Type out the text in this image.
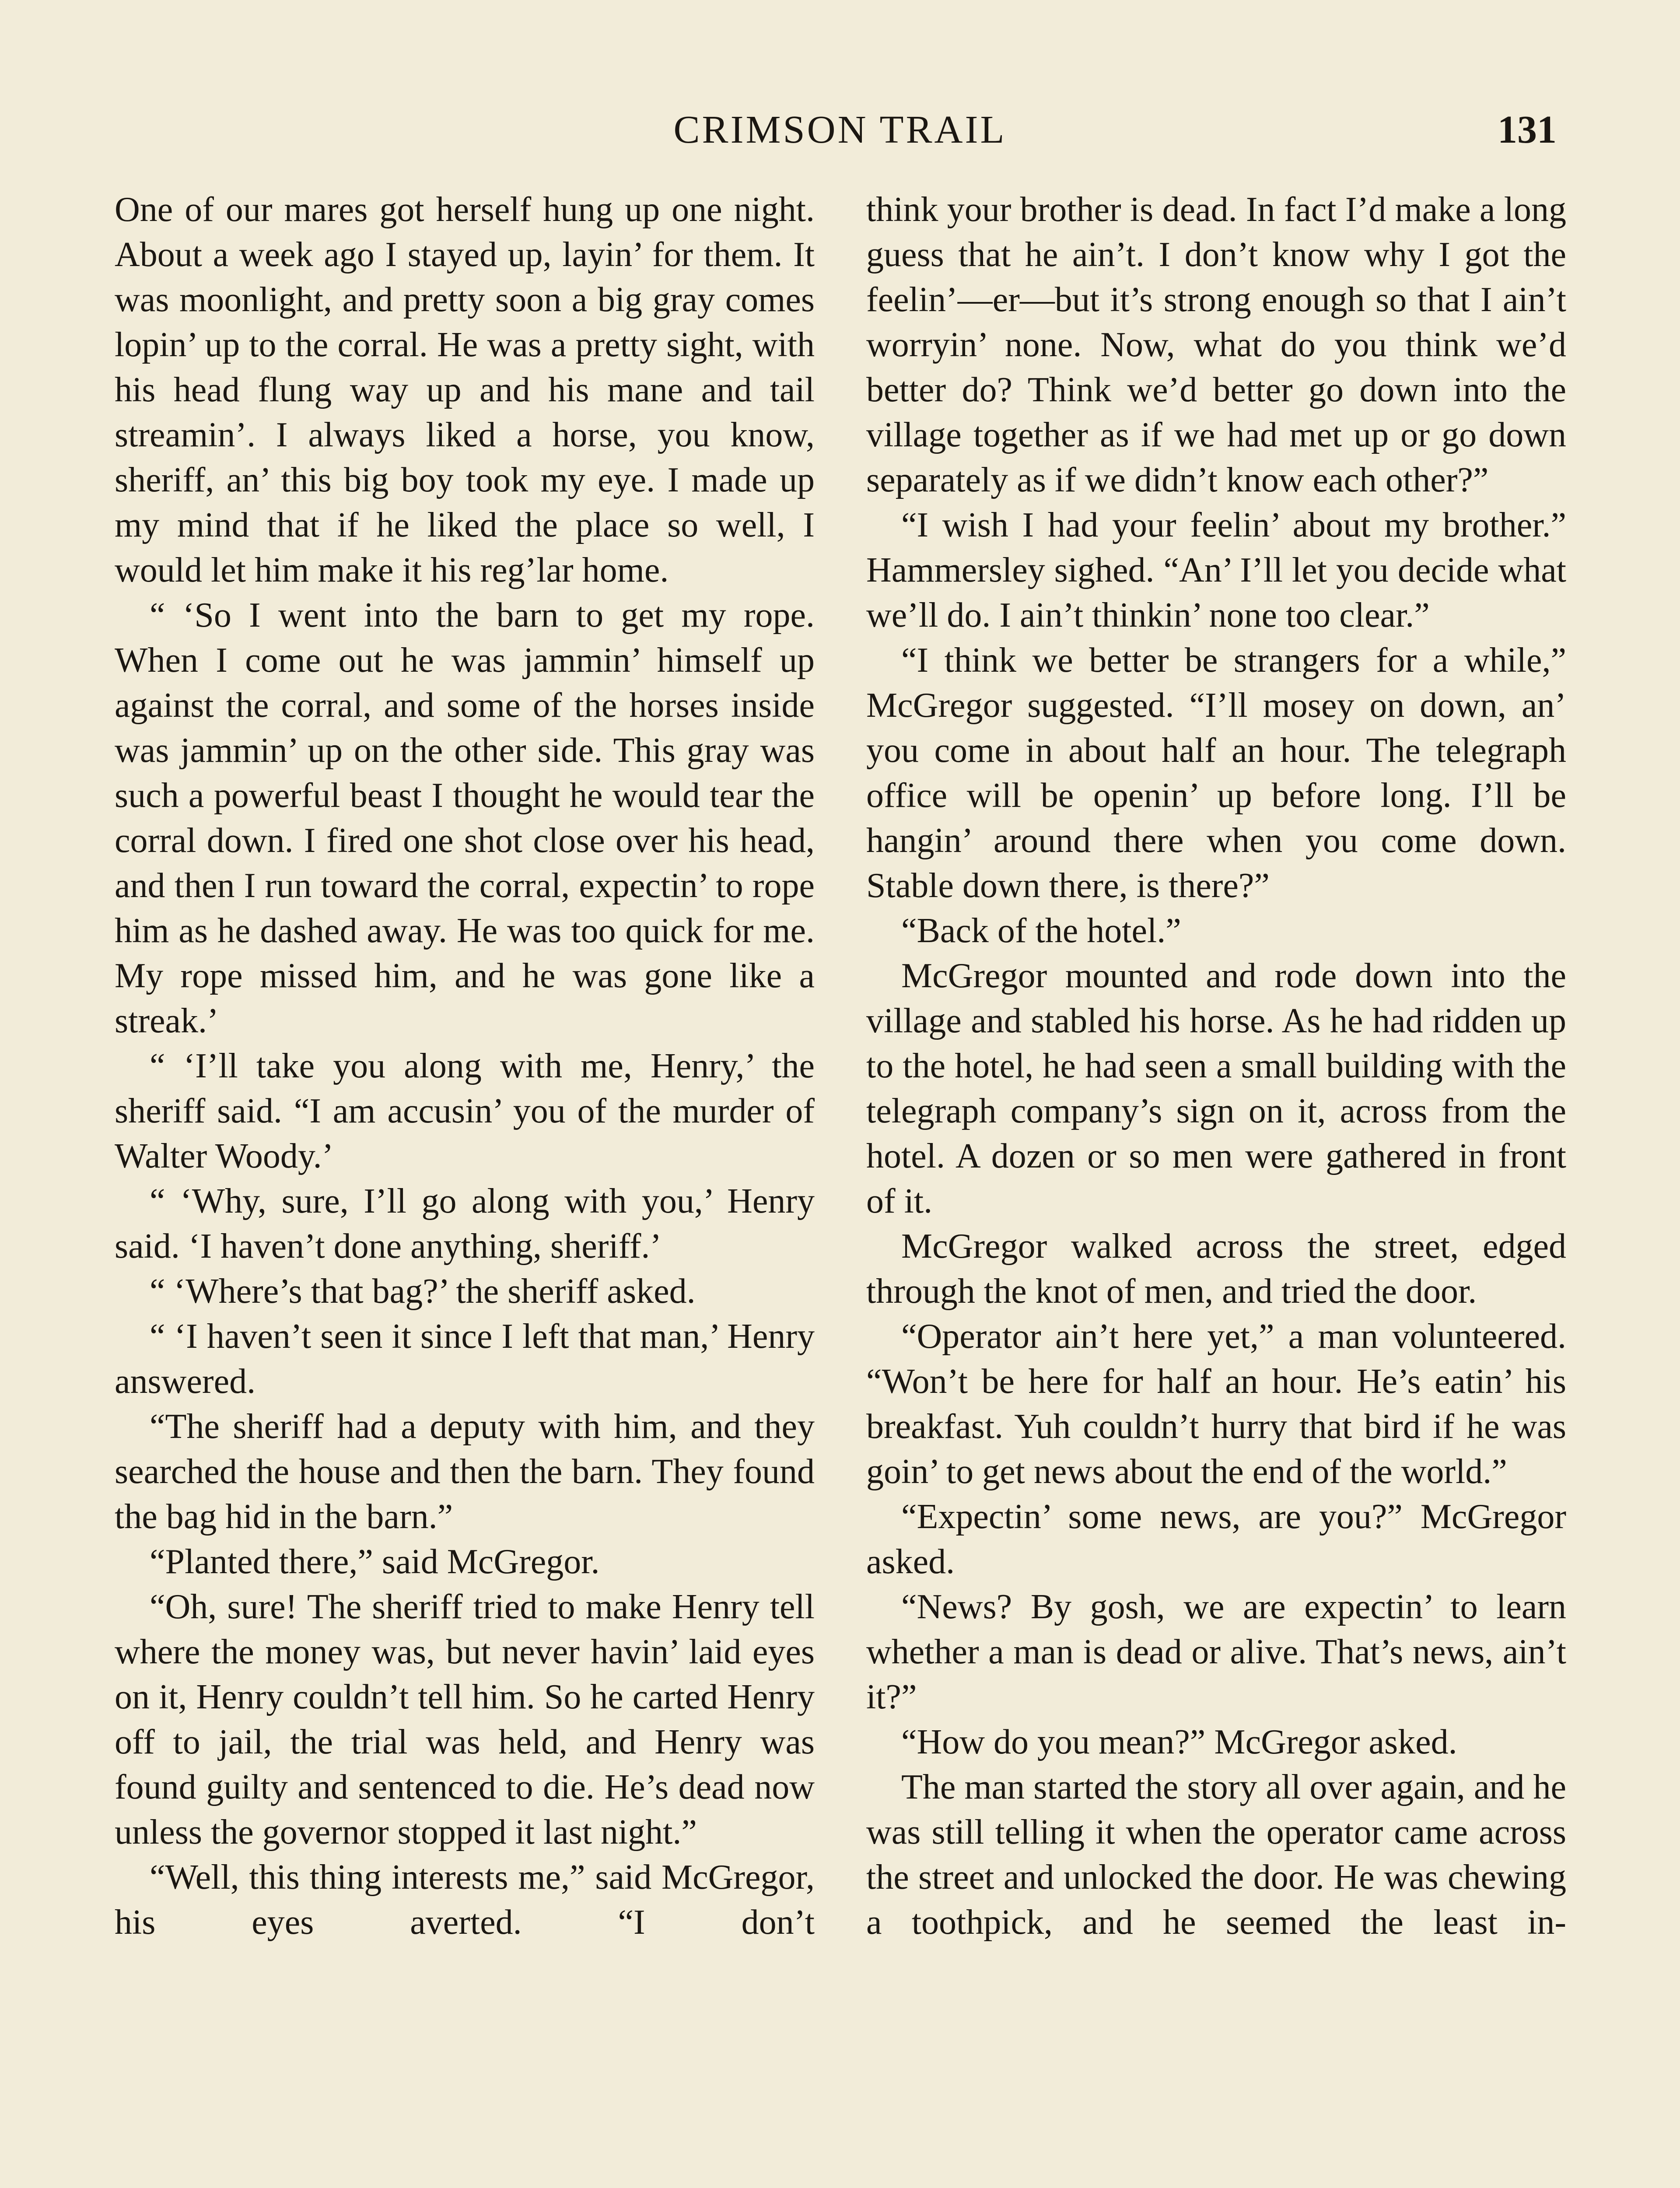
CRIMSON TRAIL	131

One of our mares got herself hung up one night. About a week ago I stayed up, layin’ for them. It was moonlight, and pretty soon a big gray comes lopin’ up to the corral. He was a pretty sight, with his head flung way up and his mane and tail streamin’. I always liked a horse, you know, sheriff, an’ this big boy took my eye. I made up my mind that if he liked the place so well, I would let him make it his reg’lar home.

“ ‘So I went into the barn to get my rope. When I come out he was jammin’ himself up against the corral, and some of the horses inside was jammin’ up on the other side. This gray was such a powerful beast I thought he would tear the corral down. I fired one shot close over his head, and then I run toward the corral, expectin’ to rope him as he dashed away. He was too quick for me. My rope missed him, and he was gone like a streak.’

“ ‘I’ll take you along with me, Henry,’ the sheriff said. “I am accusin’ you of the murder of Walter Woody.’

“ ‘Why, sure, I’ll go along with you,’ Henry said. ‘I haven’t done anything, sheriff.’

“ ‘Where’s that bag?’ the sheriff asked.

“ ‘I haven’t seen it since I left that man,’ Henry answered.

“The sheriff had a deputy with him, and they searched the house and then the barn. They found the bag hid in the barn.”

“Planted there,” said McGregor.

“Oh, sure! The sheriff tried to make Henry tell where the money was, but never havin’ laid eyes on it, Henry couldn’t tell him. So he carted Henry off to jail, the trial was held, and Henry was found guilty and sentenced to die. He’s dead now unless the governor stopped it last night.”

“Well, this thing interests me,” said McGregor, his eyes averted. “I don’t

think your brother is dead. In fact I’d make a long guess that he ain’t. I don’t know why I got the feelin’—er—but it’s strong enough so that I ain’t worryin’ none. Now, what do you think we’d better do? Think we’d better go down into the village together as if we had met up or go down separately as if we didn’t know each other?”

“I wish I had your feelin’ about my brother.” Hammersley sighed. “An’ I’ll let you decide what we’ll do. I ain’t thinkin’ none too clear.”

“I think we better be strangers for a while,” McGregor suggested. “I’ll mosey on down, an’ you come in about half an hour. The telegraph office will be openin’ up before long. I’ll be hangin’ around there when you come down. Stable down there, is there?”

“Back of the hotel.”

McGregor mounted and rode down into the village and stabled his horse. As he had ridden up to the hotel, he had seen a small building with the telegraph company’s sign on it, across from the hotel. A dozen or so men were gathered in front of it.

McGregor walked across the street, edged through the knot of men, and tried the door.

“Operator ain’t here yet,” a man volunteered. “Won’t be here for half an hour. He’s eatin’ his breakfast. Yuh couldn’t hurry that bird if he was goin’ to get news about the end of the world.”

“Expectin’ some news, are you?” McGregor asked.

“News? By gosh, we are expectin’ to learn whether a man is dead or alive. That’s news, ain’t it?”

“How do you mean?” McGregor asked.

The man started the story all over again, and he was still telling it when the operator came across the street and unlocked the door. He was chewing a toothpick, and he seemed the least in-
